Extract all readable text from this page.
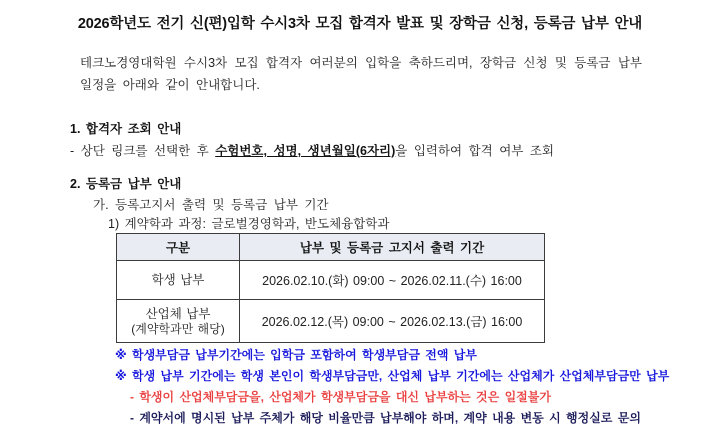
2026학년도 전기 신(편)입학 수시3차 모집 합격자 발표 및 장학금 신청, 등록금 납부 안내
테크노경영대학원 수시3차 모집 합격자 여러분의 입학을 축하드리며, 장학금 신청 및 등록금 납부 일정을 아래와 같이 안내합니다.
1. 합격자 조회 안내
- 상단 링크를 선택한 후 수험번호, 성명, 생년월일(6자리)을 입력하여 합격 여부 조회
2. 등록금 납부 안내
가. 등록고지서 출력 및 등록금 납부 기간
1) 계약학과 과정: 글로벌경영학과, 반도체융합학과
구분	납부 및 등록금 고지서 출력 기간

학생 납부	2026.02.10.(화) 09:00 ~ 2026.02.11.(수) 16:00

산업체 납부
(계약학과만 해당)	2026.02.12.(목) 09:00 ~ 2026.02.13.(금) 16:00
※ 학생부담금 납부기간에는 입학금 포함하여 학생부담금 전액 납부
※ 학생 납부 기간에는 학생 본인이 학생부담금만, 산업체 납부 기간에는 산업체가 산업체부담금만 납부
- 학생이 산업체부담금을, 산업체가 학생부담금을 대신 납부하는 것은 일절불가
- 계약서에 명시된 납부 주체가 해당 비율만큼 납부해야 하며, 계약 내용 변동 시 행정실로 문의
